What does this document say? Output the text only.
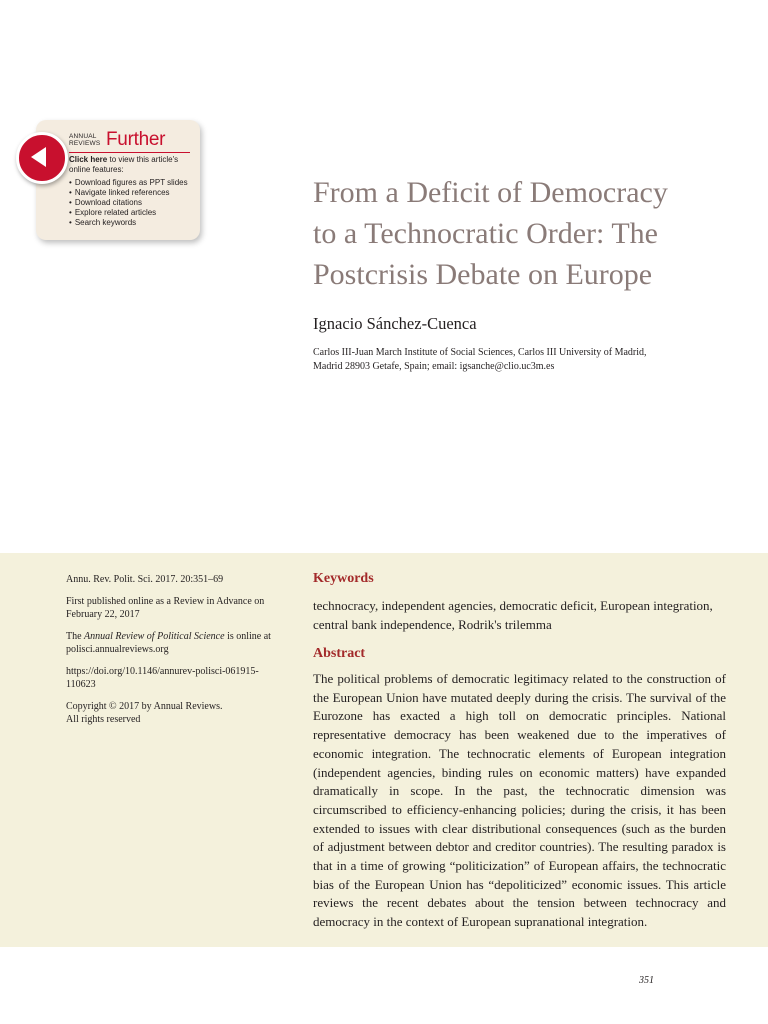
ANNUAL
REVIEWS Further
Click here to view this article's online features:
• Download figures as PPT slides
• Navigate linked references
• Download citations
• Explore related articles
• Search keywords
From a Deficit of Democracy
to a Technocratic Order: The
Postcrisis Debate on Europe
Ignacio Sánchez-Cuenca
Carlos III-Juan March Institute of Social Sciences, Carlos III University of Madrid,
Madrid 28903 Getafe, Spain; email: igsanche@clio.uc3m.es

Annu. Rev. Polit. Sci. 2017. 20:351–69

First published online as a Review in Advance on February 22, 2017

The Annual Review of Political Science is online at polisci.annualreviews.org

https://doi.org/10.1146/annurev-polisci-061915-110623

Copyright © 2017 by Annual Reviews.
All rights reserved

Keywords
technocracy, independent agencies, democratic deficit, European integration, central bank independence, Rodrik's trilemma
Abstract

The political problems of democratic legitimacy related to the construction of the European Union have mutated deeply during the crisis. The survival of the Eurozone has exacted a high toll on democratic principles. National representative democracy has been weakened due to the imperatives of economic integration. The technocratic elements of European integration (independent agencies, binding rules on economic matters) have expanded dramatically in scope. In the past, the technocratic dimension was circumscribed to efficiency-enhancing policies; during the crisis, it has been extended to issues with clear distributional consequences (such as the burden of adjustment between debtor and creditor countries). The resulting paradox is that in a time of growing “politicization” of European affairs, the technocratic bias of the European Union has “depoliticized” economic issues. This article reviews the recent debates about the tension between technocracy and democracy in the context of European supranational integration.

351
